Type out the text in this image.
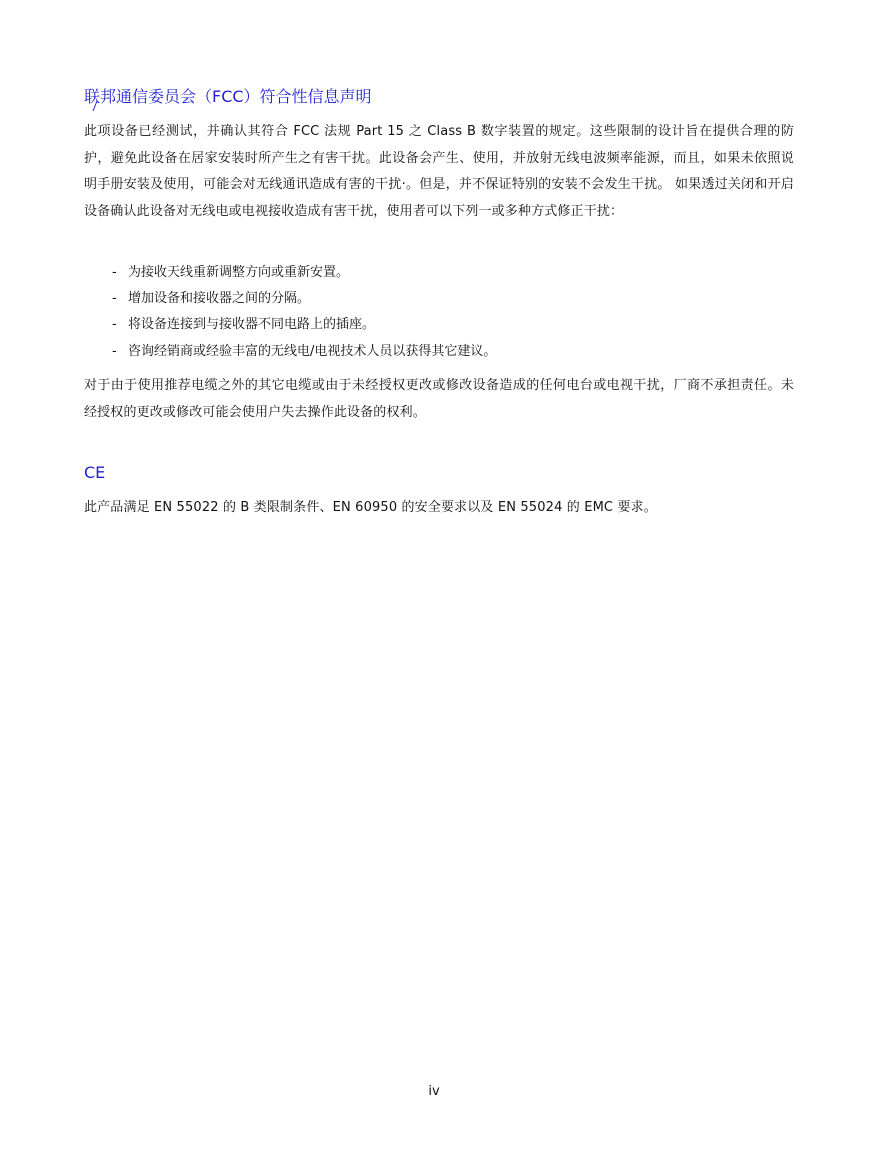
联邦通信委员会（FCC）符合性信息声明

此项设备已经测试，并确认其符合 FCC 法规 Part 15 之 Class B 数字装置的规定。这些限制的设计旨在提供合理的防护，避免此设备在居家安装时所产生之有害干扰。此设备会产生、使用，并放射无线电波频率能源，而且，如果未依照说明手册安装及使用，可能会对无线通讯造成有害的干扰·。但是，并不保证特别的安装不会发生干扰。 如果透过关闭和开启设备确认此设备对无线电或电视接收造成有害干扰，使用者可以下列一或多种方式修正干扰：

- 为接收天线重新调整方向或重新安置。
- 增加设备和接收器之间的分隔。
- 将设备连接到与接收器不同电路上的插座。
- 咨询经销商或经验丰富的无线电/电视技术人员以获得其它建议。

对于由于使用推荐电缆之外的其它电缆或由于未经授权更改或修改设备造成的任何电台或电视干扰，厂商不承担责任。未经授权的更改或修改可能会使用户失去操作此设备的权利。

CE

此产品满足 EN 55022 的 B 类限制条件、EN 60950 的安全要求以及 EN 55024 的 EMC 要求。

iv
